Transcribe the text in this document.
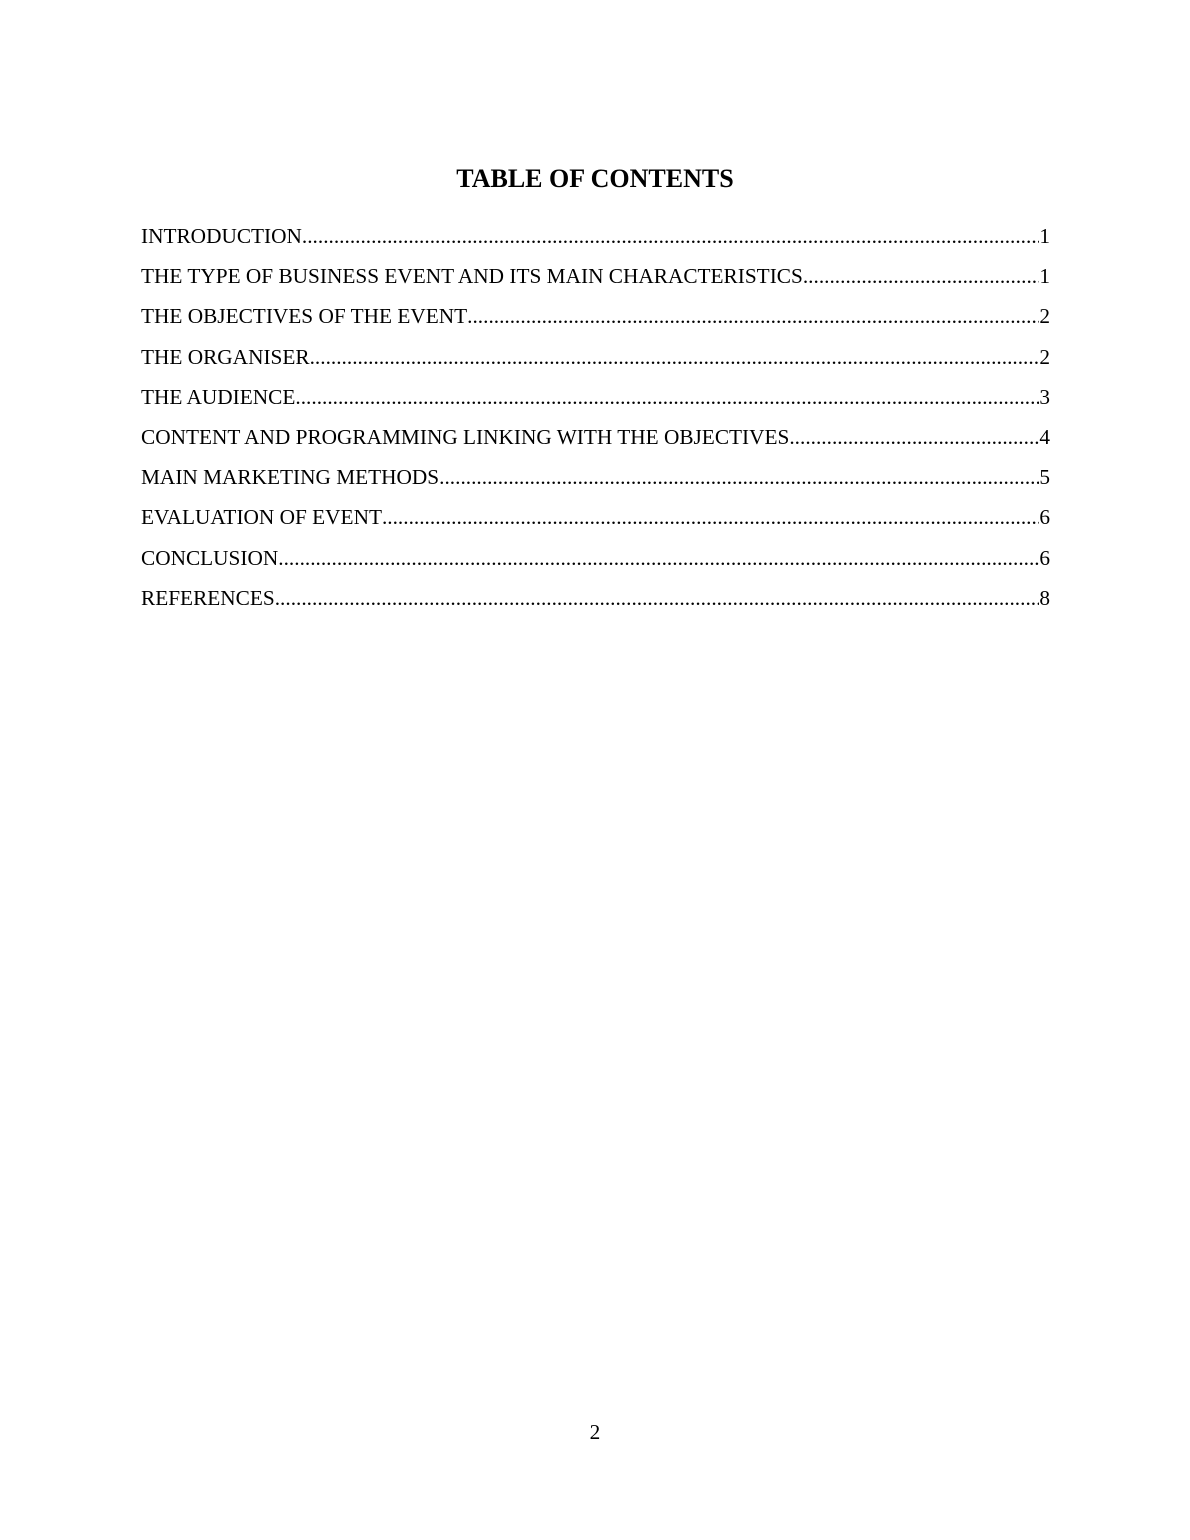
TABLE OF CONTENTS
INTRODUCTION .....	1
THE TYPE OF BUSINESS EVENT AND ITS MAIN CHARACTERISTICS .....	1
THE OBJECTIVES OF THE EVENT .....	2
THE ORGANISER .....	2
THE AUDIENCE .....	3
CONTENT AND PROGRAMMING LINKING WITH THE OBJECTIVES .....	4
MAIN MARKETING METHODS .....	5
EVALUATION OF EVENT .....	6
CONCLUSION .....	6
REFERENCES .....	8
2
